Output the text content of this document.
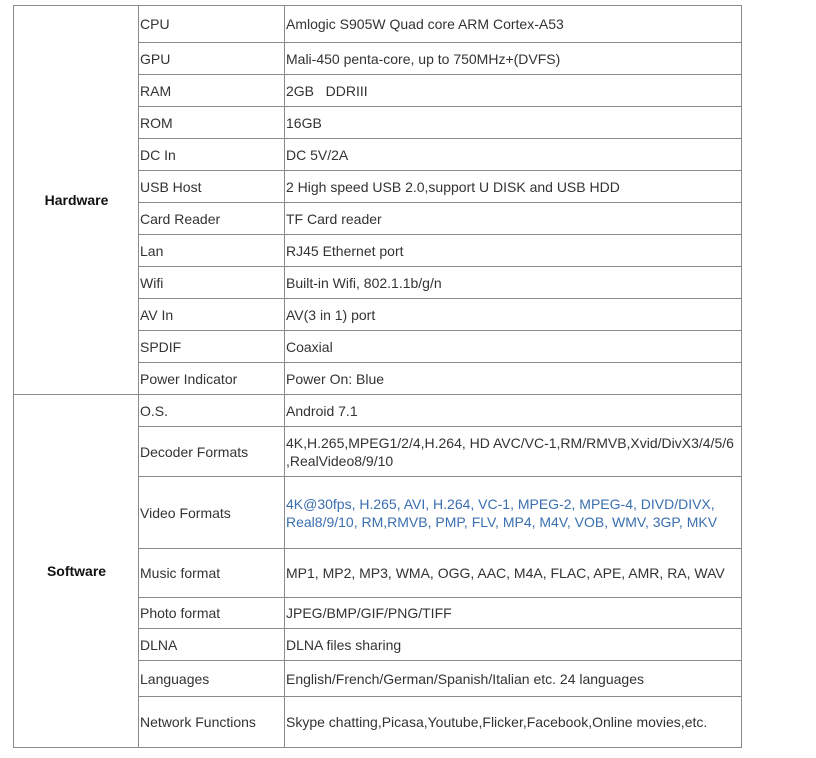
Hardware	CPU	Amlogic S905W Quad core ARM Cortex-A53
	GPU	Mali-450 penta-core, up to 750MHz+(DVFS)
	RAM	2GB   DDRIII
	ROM	16GB
	DC In	DC 5V/2A
	USB Host	2 High speed USB 2.0,support U DISK and USB HDD
	Card Reader	TF Card reader
	Lan	RJ45 Ethernet port
	Wifi	Built-in Wifi, 802.1.1b/g/n
	AV In	AV(3 in 1) port
	SPDIF	Coaxial
	Power Indicator	Power On: Blue
Software	O.S.	Android 7.1
	Decoder Formats	4K,H.265,MPEG1/2/4,H.264, HD AVC/VC-1,RM/RMVB,Xvid/DivX3/4/5/6 ,RealVideo8/9/10
	Video Formats	4K@30fps, H.265, AVI, H.264, VC-1, MPEG-2, MPEG-4, DIVD/DIVX, Real8/9/10, RM,RMVB, PMP, FLV, MP4, M4V, VOB, WMV, 3GP, MKV
	Music format	MP1, MP2, MP3, WMA, OGG, AAC, M4A, FLAC, APE, AMR, RA, WAV
	Photo format	JPEG/BMP/GIF/PNG/TIFF
	DLNA	DLNA files sharing
	Languages	English/French/German/Spanish/Italian etc. 24 languages
	Network Functions	Skype chatting,Picasa,Youtube,Flicker,Facebook,Online movies,etc.
